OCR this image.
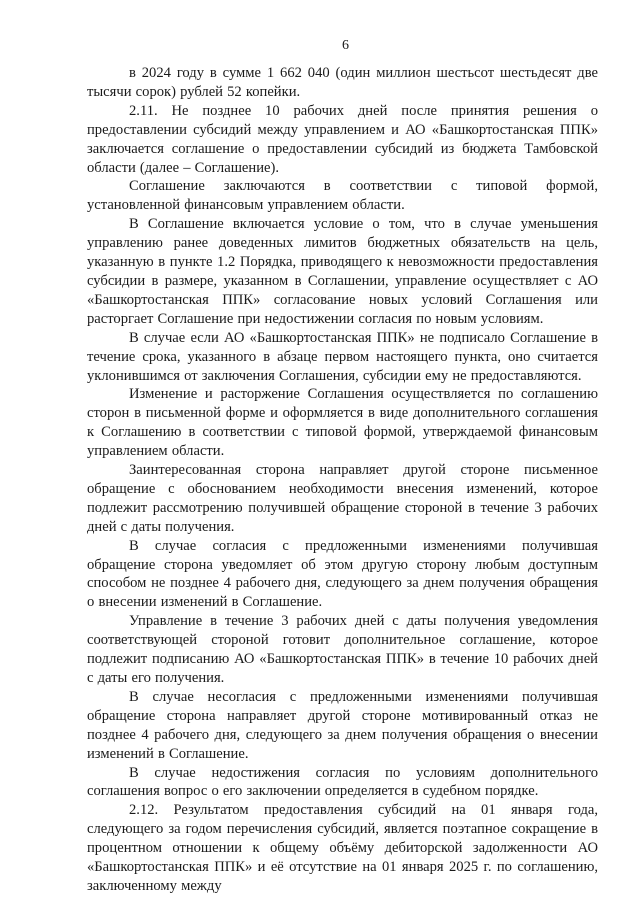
6

в 2024 году в сумме 1 662 040 (один миллион шестьсот шестьдесят две тысячи сорок) рублей 52 копейки.

2.11. Не позднее 10 рабочих дней после принятия решения о предоставлении субсидий между управлением и АО «Башкортостанская ППК» заключается соглашение о предоставлении субсидий из бюджета Тамбовской области (далее – Соглашение).

Соглашение заключаются в соответствии с типовой формой, установленной финансовым управлением области.

В Соглашение включается условие о том, что в случае уменьшения управлению ранее доведенных лимитов бюджетных обязательств на цель, указанную в пункте 1.2 Порядка, приводящего к невозможности предоставления субсидии в размере, указанном в Соглашении, управление осуществляет с АО «Башкортостанская ППК» согласование новых условий Соглашения или расторгает Соглашение при недостижении согласия по новым условиям.

В случае если АО «Башкортостанская ППК» не подписало Соглашение в течение срока, указанного в абзаце первом настоящего пункта, оно считается уклонившимся от заключения Соглашения, субсидии ему не предоставляются.

Изменение и расторжение Соглашения осуществляется по соглашению сторон в письменной форме и оформляется в виде дополнительного соглашения к Соглашению в соответствии с типовой формой, утверждаемой финансовым управлением области.

Заинтересованная сторона направляет другой стороне письменное обращение с обоснованием необходимости внесения изменений, которое подлежит рассмотрению получившей обращение стороной в течение 3 рабочих дней с даты получения.

В случае согласия с предложенными изменениями получившая обращение сторона уведомляет об этом другую сторону любым доступным способом не позднее 4 рабочего дня, следующего за днем получения обращения о внесении изменений в Соглашение.

Управление в течение 3 рабочих дней с даты получения уведомления соответствующей стороной готовит дополнительное соглашение, которое подлежит подписанию АО «Башкортостанская ППК» в течение 10 рабочих дней с даты его получения.

В случае несогласия с предложенными изменениями получившая обращение сторона направляет другой стороне мотивированный отказ не позднее 4 рабочего дня, следующего за днем получения обращения о внесении изменений в Соглашение.

В случае недостижения согласия по условиям дополнительного соглашения вопрос о его заключении определяется в судебном порядке.

2.12. Результатом предоставления субсидий на 01 января года, следующего за годом перечисления субсидий, является поэтапное сокращение в процентном отношении к общему объёму дебиторской задолженности АО «Башкортостанская ППК» и её отсутствие на 01 января 2025 г. по соглашению, заключенному между
